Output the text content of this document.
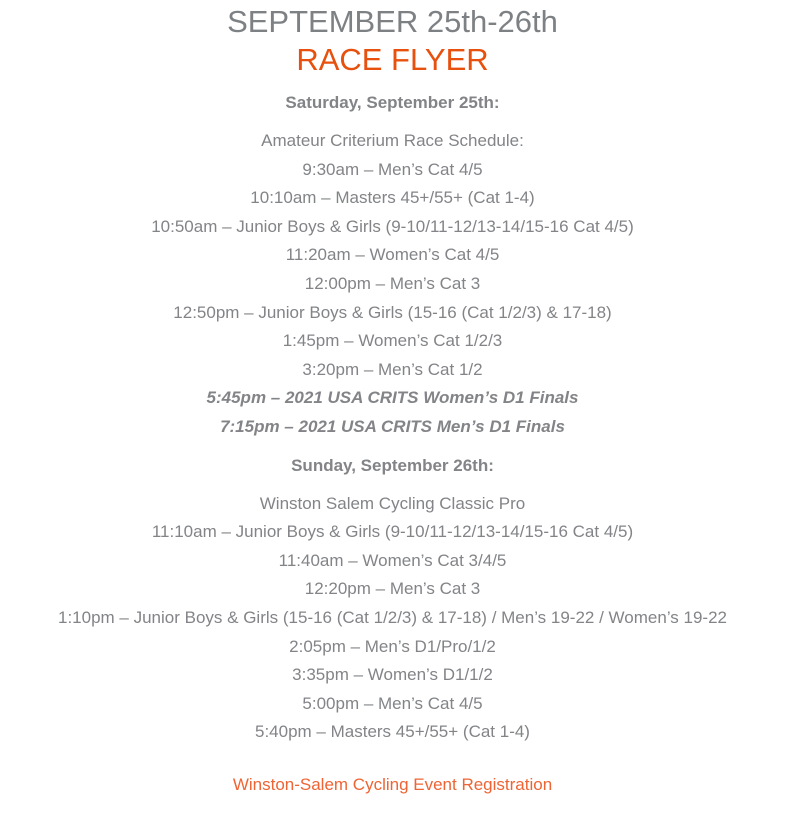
SEPTEMBER 25th-26th
RACE FLYER

Saturday, September 25th:

Amateur Criterium Race Schedule:
9:30am – Men’s Cat 4/5
10:10am – Masters 45+/55+ (Cat 1-4)
10:50am – Junior Boys & Girls (9-10/11-12/13-14/15-16 Cat 4/5)
11:20am – Women’s Cat 4/5
12:00pm – Men’s Cat 3
12:50pm – Junior Boys & Girls (15-16 (Cat 1/2/3) & 17-18)
1:45pm – Women’s Cat 1/2/3
3:20pm – Men’s Cat 1/2
5:45pm – 2021 USA CRITS Women’s D1 Finals
7:15pm – 2021 USA CRITS Men’s D1 Finals

Sunday, September 26th:

Winston Salem Cycling Classic Pro
11:10am – Junior Boys & Girls (9-10/11-12/13-14/15-16 Cat 4/5)
11:40am – Women’s Cat 3/4/5
12:20pm – Men’s Cat 3
1:10pm – Junior Boys & Girls (15-16 (Cat 1/2/3) & 17-18) / Men’s 19-22 / Women’s 19-22
2:05pm – Men’s D1/Pro/1/2
3:35pm – Women’s D1/1/2
5:00pm – Men’s Cat 4/5
5:40pm – Masters 45+/55+ (Cat 1-4)

Winston-Salem Cycling Event Registration
